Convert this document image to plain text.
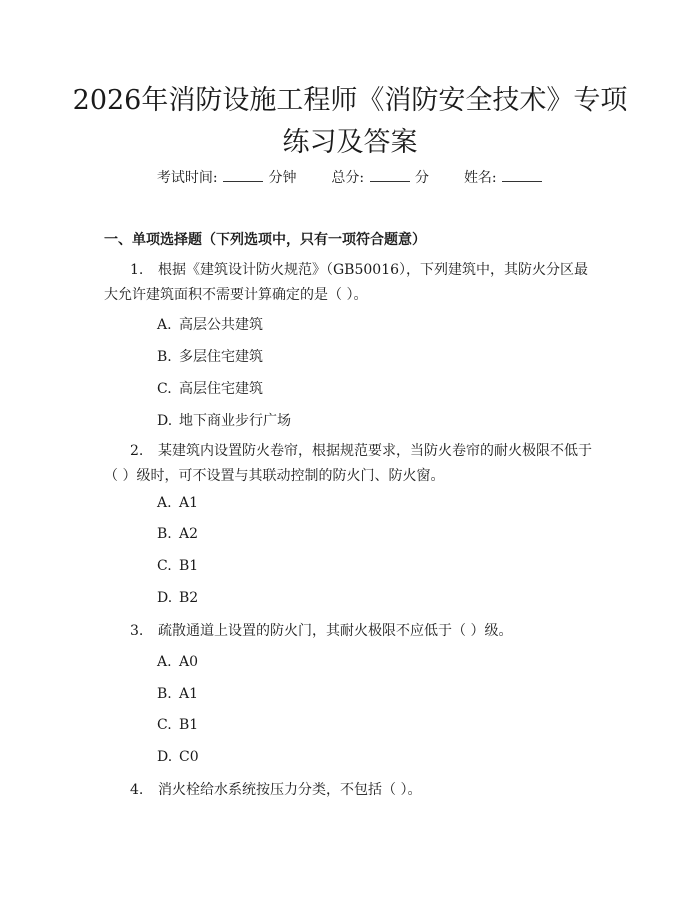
2026年消防设施工程师《消防安全技术》专项练习及答案
考试时间:	分钟 总分:	分 姓名:
一、单项选择题（下列选项中，只有一项符合题意）
1. 根据《建筑设计防火规范》（GB50016），下列建筑中，其防火分区最大允许建筑面积不需要计算确定的是（ ）。
A. 高层公共建筑
B. 多层住宅建筑
C. 高层住宅建筑
D. 地下商业步行广场
2. 某建筑内设置防火卷帘，根据规范要求，当防火卷帘的耐火极限不低于（ ）级时，可不设置与其联动控制的防火门、防火窗。
A. A1
B. A2
C. B1
D. B2
3. 疏散通道上设置的防火门，其耐火极限不应低于（ ）级。
A. A0
B. A1
C. B1
D. C0
4. 消火栓给水系统按压力分类，不包括（ ）。
